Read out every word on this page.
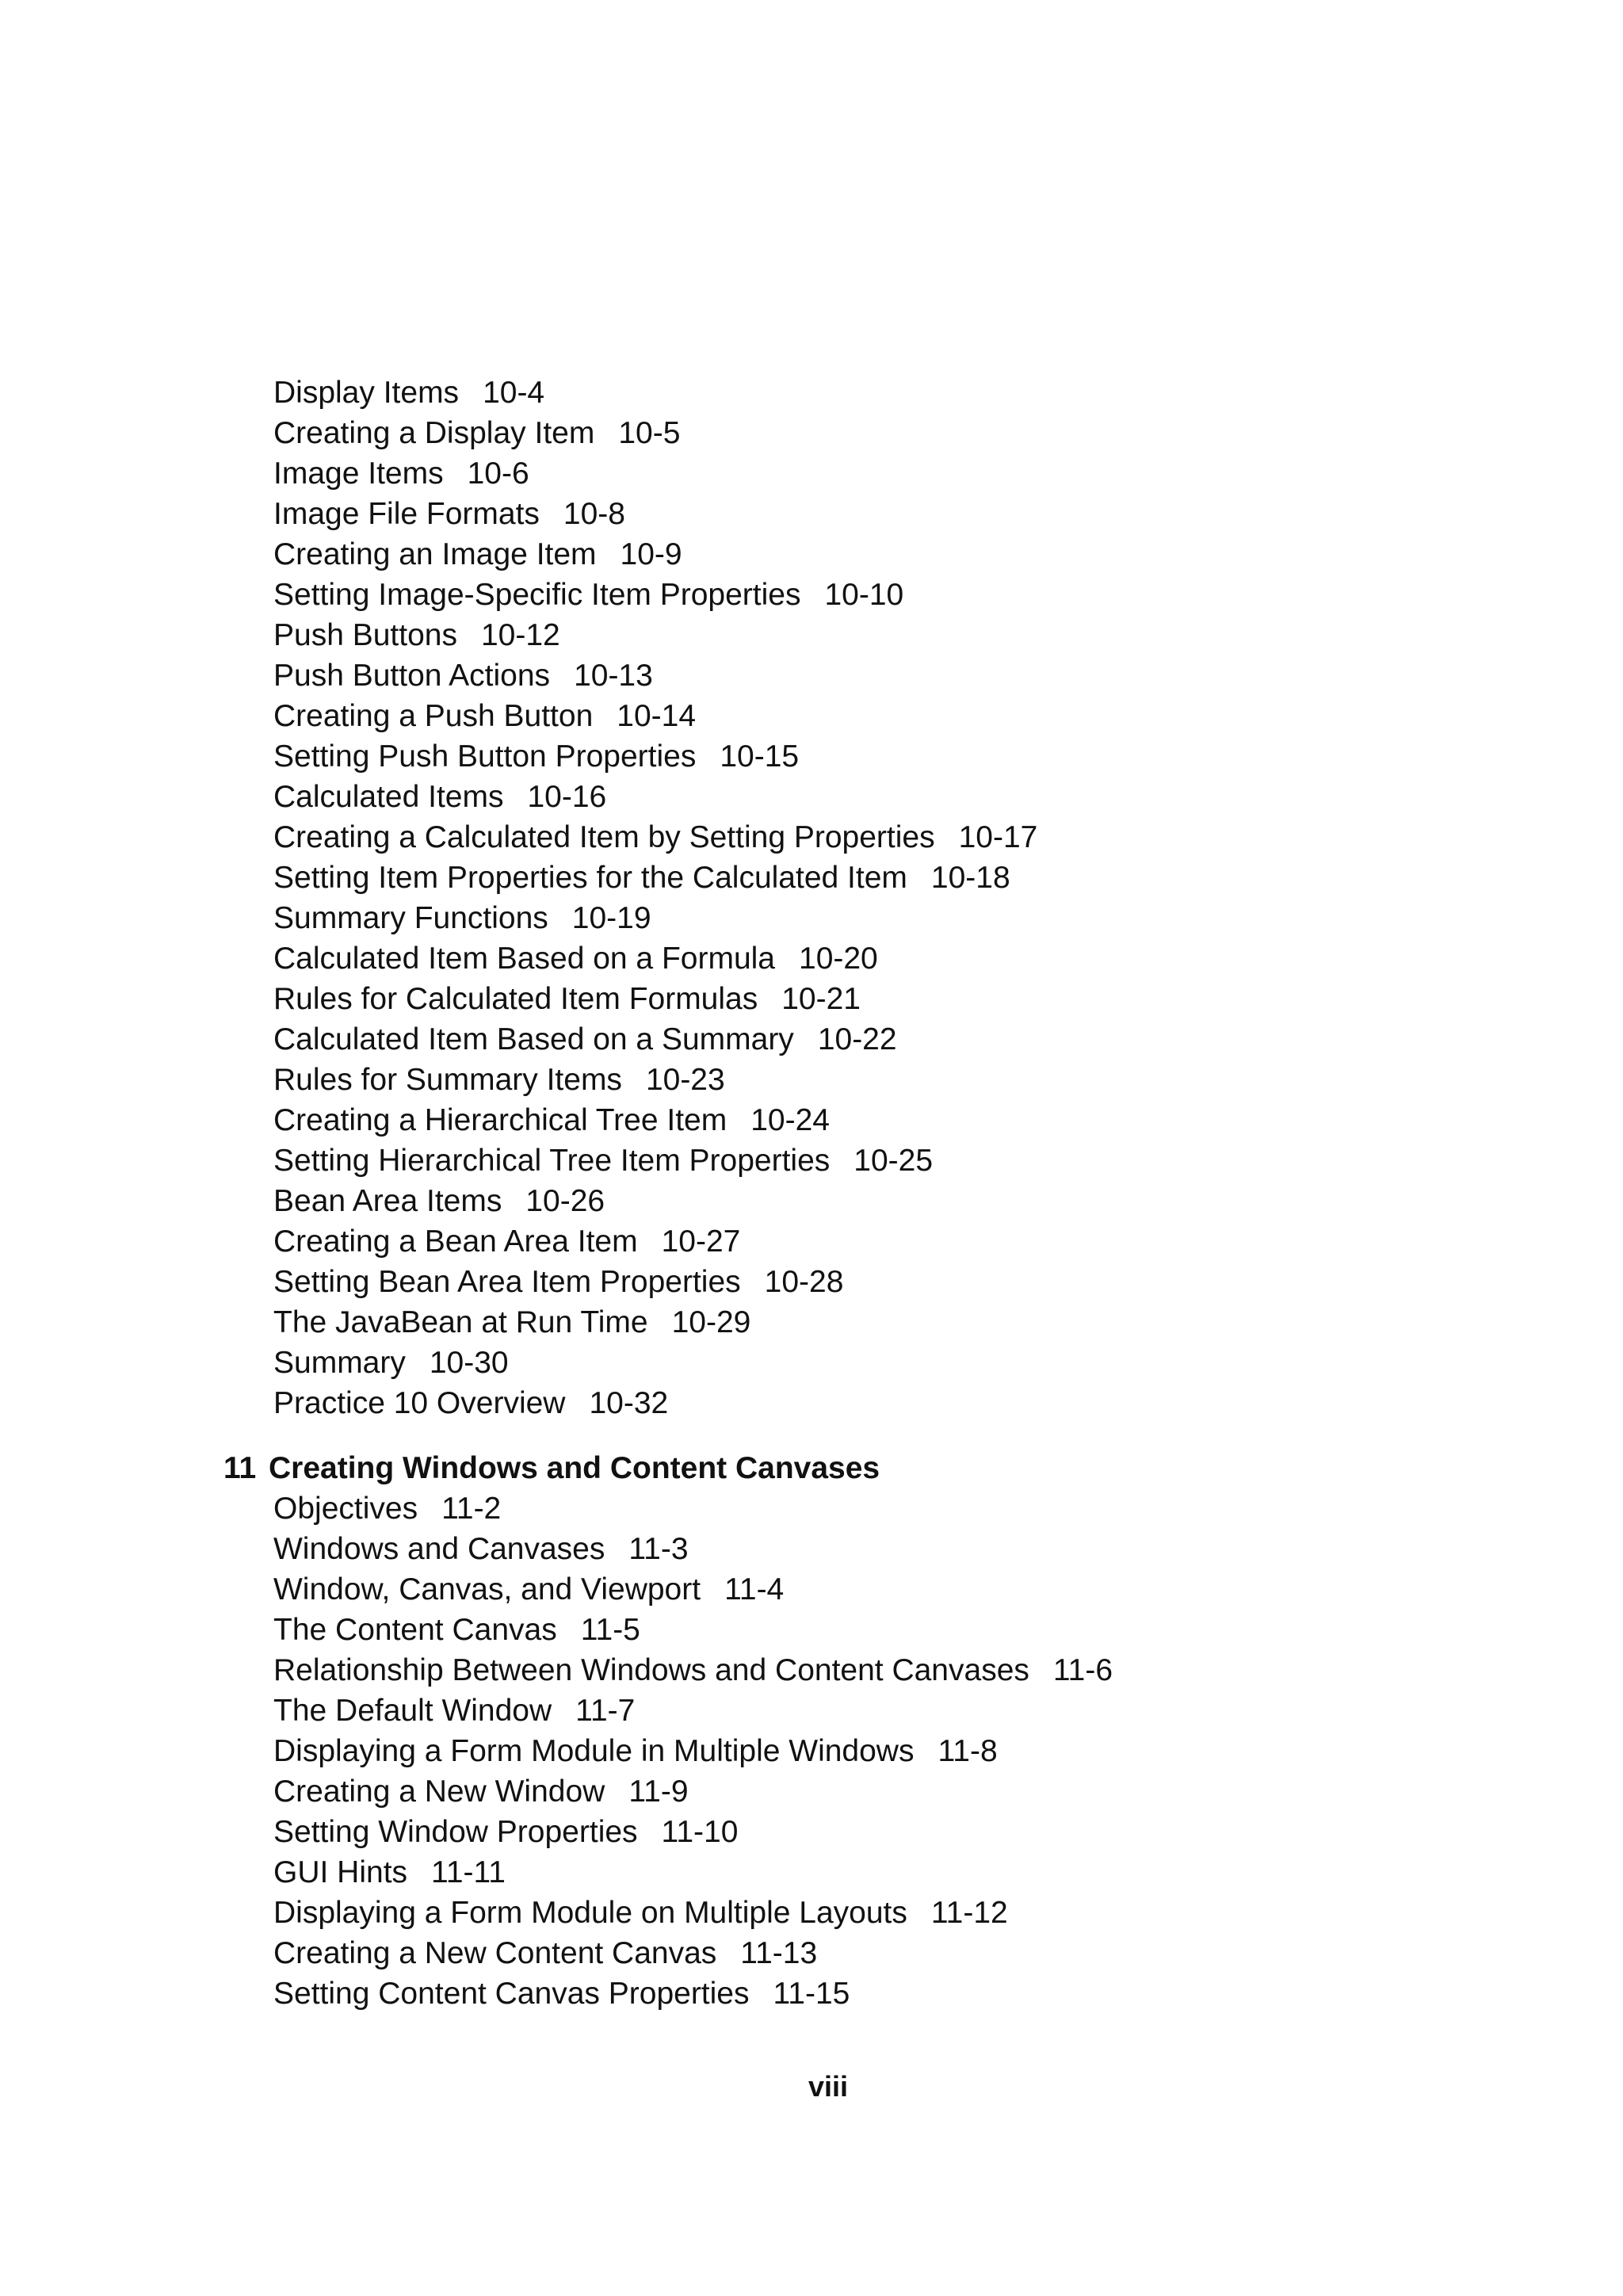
Display Items 10-4
Creating a Display Item 10-5
Image Items 10-6
Image File Formats 10-8
Creating an Image Item 10-9
Setting Image-Specific Item Properties 10-10
Push Buttons 10-12
Push Button Actions 10-13
Creating a Push Button 10-14
Setting Push Button Properties 10-15
Calculated Items 10-16
Creating a Calculated Item by Setting Properties 10-17
Setting Item Properties for the Calculated Item 10-18
Summary Functions 10-19
Calculated Item Based on a Formula 10-20
Rules for Calculated Item Formulas 10-21
Calculated Item Based on a Summary 10-22
Rules for Summary Items 10-23
Creating a Hierarchical Tree Item 10-24
Setting Hierarchical Tree Item Properties 10-25
Bean Area Items 10-26
Creating a Bean Area Item 10-27
Setting Bean Area Item Properties 10-28
The JavaBean at Run Time 10-29
Summary 10-30
Practice 10 Overview 10-32
11 Creating Windows and Content Canvases
Objectives 11-2
Windows and Canvases 11-3
Window, Canvas, and Viewport 11-4
The Content Canvas 11-5
Relationship Between Windows and Content Canvases 11-6
The Default Window 11-7
Displaying a Form Module in Multiple Windows 11-8
Creating a New Window 11-9
Setting Window Properties 11-10
GUI Hints 11-11
Displaying a Form Module on Multiple Layouts 11-12
Creating a New Content Canvas 11-13
Setting Content Canvas Properties 11-15
viii
